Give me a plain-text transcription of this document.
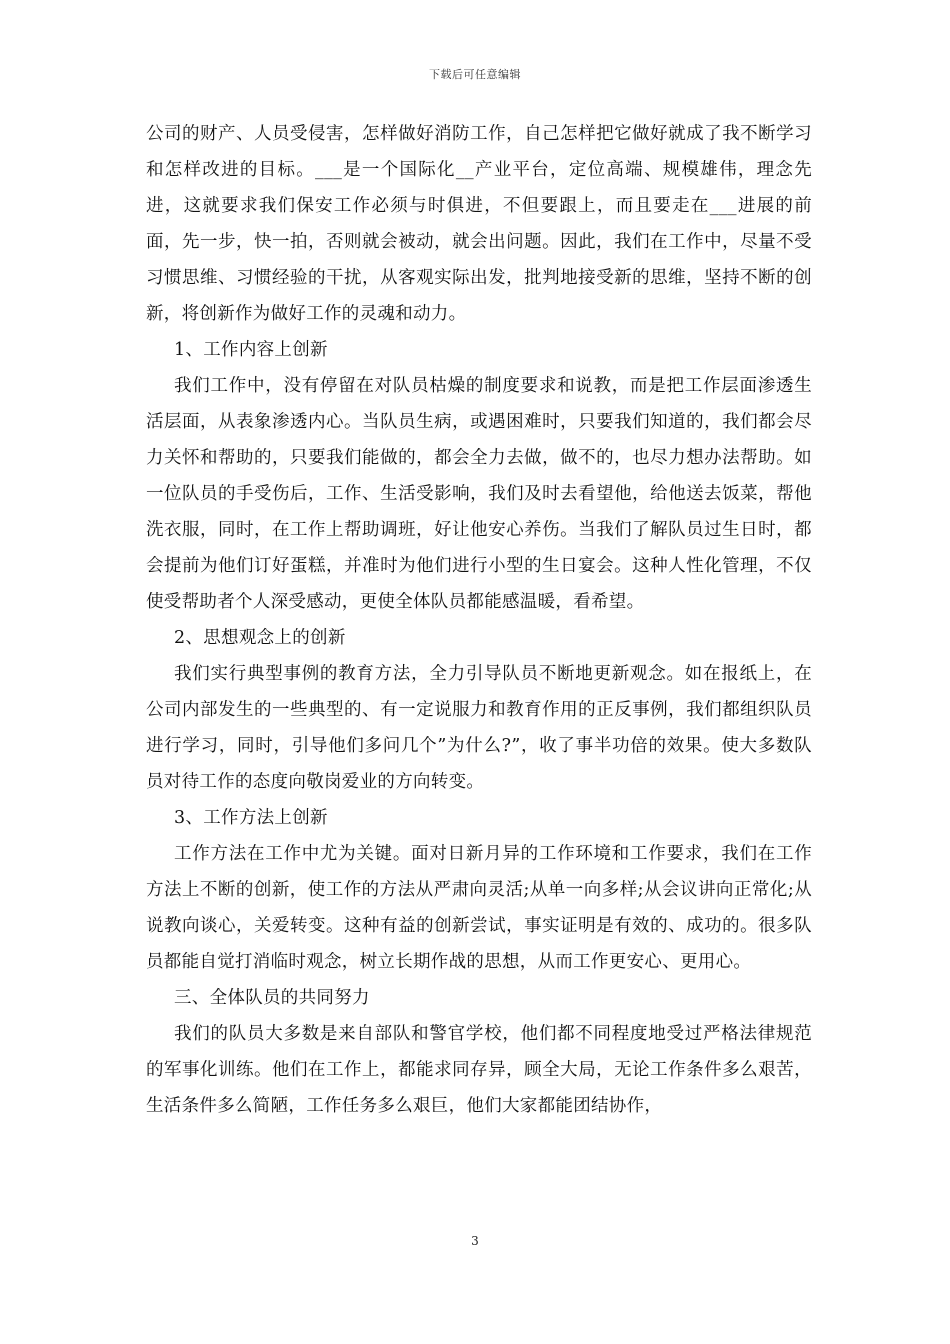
下载后可任意编辑

公司的财产、人员受侵害，怎样做好消防工作，自己怎样把它做好就成了我不断学习和怎样改进的目标。___是一个国际化__产业平台，定位高端、规模雄伟，理念先进，这就要求我们保安工作必须与时俱进，不但要跟上，而且要走在___进展的前面，先一步，快一拍，否则就会被动，就会出问题。因此，我们在工作中，尽量不受习惯思维、习惯经验的干扰，从客观实际出发，批判地接受新的思维，坚持不断的创新，将创新作为做好工作的灵魂和动力。

1、工作内容上创新

我们工作中，没有停留在对队员枯燥的制度要求和说教，而是把工作层面渗透生活层面，从表象渗透内心。当队员生病，或遇困难时，只要我们知道的，我们都会尽力关怀和帮助的，只要我们能做的，都会全力去做，做不的，也尽力想办法帮助。如一位队员的手受伤后，工作、生活受影响，我们及时去看望他，给他送去饭菜，帮他洗衣服，同时，在工作上帮助调班，好让他安心养伤。当我们了解队员过生日时，都会提前为他们订好蛋糕，并准时为他们进行小型的生日宴会。这种人性化管理，不仅使受帮助者个人深受感动，更使全体队员都能感温暖，看希望。

2、思想观念上的创新

我们实行典型事例的教育方法，全力引导队员不断地更新观念。如在报纸上，在公司内部发生的一些典型的、有一定说服力和教育作用的正反事例，我们都组织队员进行学习，同时，引导他们多问几个”为什么?”，收了事半功倍的效果。使大多数队员对待工作的态度向敬岗爱业的方向转变。

3、工作方法上创新

工作方法在工作中尤为关键。面对日新月异的工作环境和工作要求，我们在工作方法上不断的创新，使工作的方法从严肃向灵活;从单一向多样;从会议讲向正常化;从说教向谈心，关爱转变。这种有益的创新尝试，事实证明是有效的、成功的。很多队员都能自觉打消临时观念，树立长期作战的思想，从而工作更安心、更用心。

三、全体队员的共同努力

我们的队员大多数是来自部队和警官学校，他们都不同程度地受过严格法律规范的军事化训练。他们在工作上，都能求同存异，顾全大局，无论工作条件多么艰苦，生活条件多么简陋，工作任务多么艰巨，他们大家都能团结协作，

3
